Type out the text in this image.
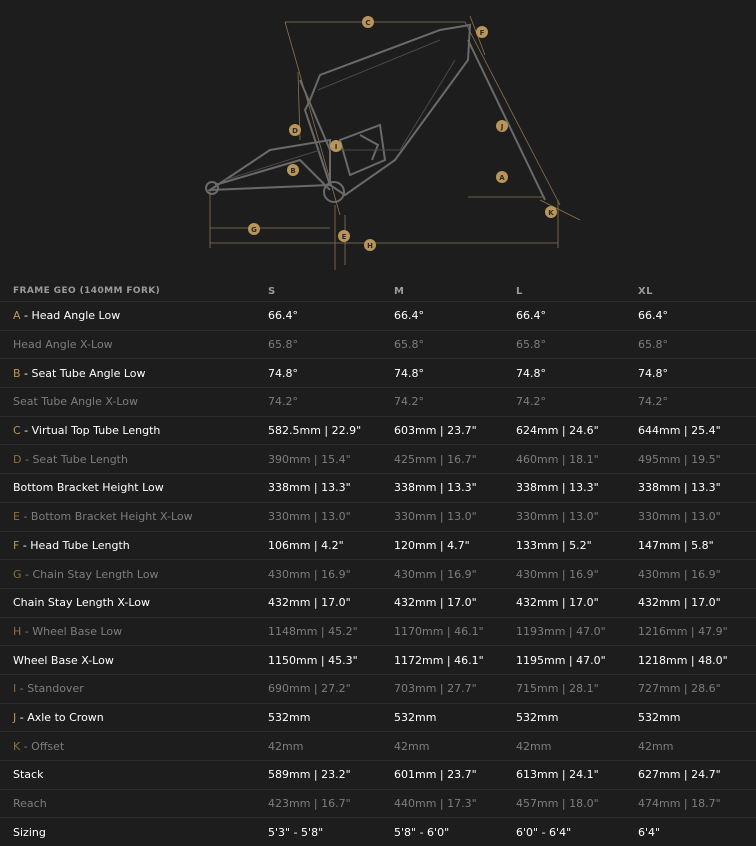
C
F
D
I
B
J
A
K
G
E
H
FRAME GEO (140MM FORK)	S	M	L	XL
A - Head Angle Low	66.4°	66.4°	66.4°	66.4°
Head Angle X-Low	65.8°	65.8°	65.8°	65.8°
B - Seat Tube Angle Low	74.8°	74.8°	74.8°	74.8°
Seat Tube Angle X-Low	74.2°	74.2°	74.2°	74.2°
C - Virtual Top Tube Length	582.5mm | 22.9"	603mm | 23.7"	624mm | 24.6"	644mm | 25.4"
D - Seat Tube Length	390mm | 15.4"	425mm | 16.7"	460mm | 18.1"	495mm | 19.5"
Bottom Bracket Height Low	338mm | 13.3"	338mm | 13.3"	338mm | 13.3"	338mm | 13.3"
E - Bottom Bracket Height X-Low	330mm | 13.0"	330mm | 13.0"	330mm | 13.0"	330mm | 13.0"
F - Head Tube Length	106mm | 4.2"	120mm | 4.7"	133mm | 5.2"	147mm | 5.8"
G - Chain Stay Length Low	430mm | 16.9"	430mm | 16.9"	430mm | 16.9"	430mm | 16.9"
Chain Stay Length X-Low	432mm | 17.0"	432mm | 17.0"	432mm | 17.0"	432mm | 17.0"
H - Wheel Base Low	1148mm | 45.2"	1170mm | 46.1"	1193mm | 47.0"	1216mm | 47.9"
Wheel Base X-Low	1150mm | 45.3"	1172mm | 46.1"	1195mm | 47.0"	1218mm | 48.0"
I - Standover	690mm | 27.2"	703mm | 27.7"	715mm | 28.1"	727mm | 28.6"
J - Axle to Crown	532mm	532mm	532mm	532mm
K - Offset	42mm	42mm	42mm	42mm
Stack	589mm | 23.2"	601mm | 23.7"	613mm | 24.1"	627mm | 24.7"
Reach	423mm | 16.7"	440mm | 17.3"	457mm | 18.0"	474mm | 18.7"
Sizing	5'3" - 5'8"	5'8" - 6'0"	6'0" - 6'4"	6'4"
